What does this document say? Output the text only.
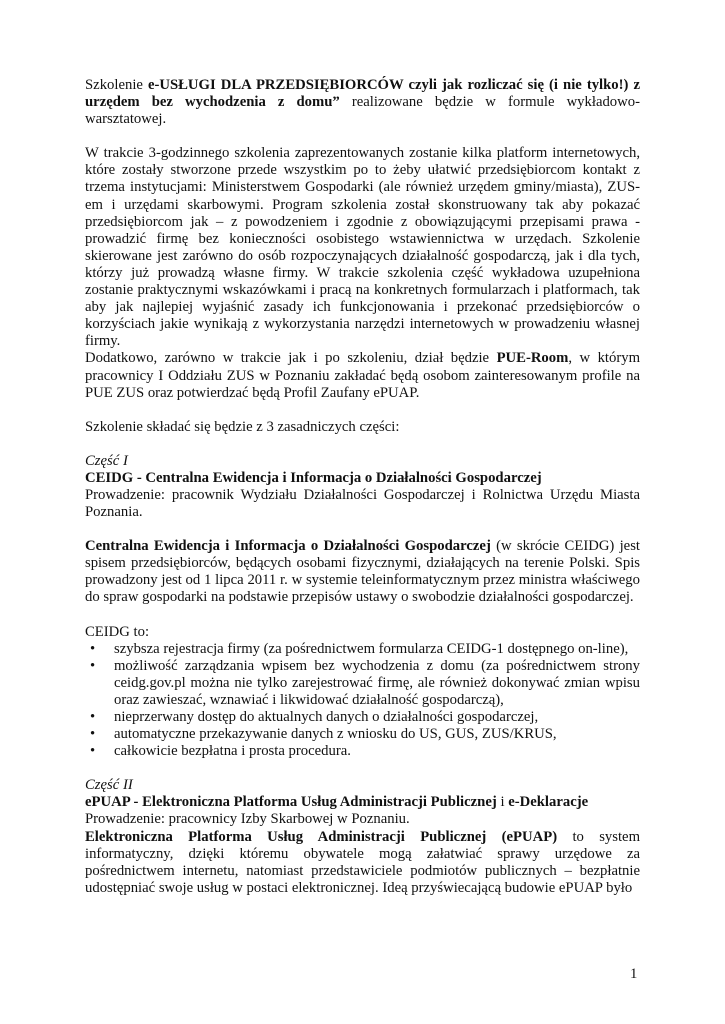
Szkolenie e-USŁUGI DLA PRZEDSIĘBIORCÓW czyli jak rozliczać się (i nie tylko!) z urzędem bez wychodzenia z domu” realizowane będzie w formule wykładowo-warsztatowej.

W trakcie 3-godzinnego szkolenia zaprezentowanych zostanie kilka platform internetowych, które zostały stworzone przede wszystkim po to żeby ułatwić przedsiębiorcom kontakt z trzema instytucjami: Ministerstwem Gospodarki (ale również urzędem gminy/miasta), ZUS-em i urzędami skarbowymi. Program szkolenia został skonstruowany tak aby pokazać przedsiębiorcom jak – z powodzeniem i zgodnie z obowiązującymi przepisami prawa - prowadzić firmę bez konieczności osobistego wstawiennictwa w urzędach. Szkolenie skierowane jest zarówno do osób rozpoczynających działalność gospodarczą, jak i dla tych, którzy już prowadzą własne firmy. W trakcie szkolenia część wykładowa uzupełniona zostanie praktycznymi wskazówkami i pracą na konkretnych formularzach i platformach, tak aby jak najlepiej wyjaśnić zasady ich funkcjonowania i przekonać przedsiębiorców o korzyściach jakie wynikają z wykorzystania narzędzi internetowych w prowadzeniu własnej firmy.

Dodatkowo, zarówno w trakcie jak i po szkoleniu, dział będzie PUE-Room, w którym pracownicy I Oddziału ZUS w Poznaniu zakładać będą osobom zainteresowanym profile na PUE ZUS oraz potwierdzać będą Profil Zaufany ePUAP.

Szkolenie składać się będzie z 3 zasadniczych części:

Część I

CEIDG - Centralna Ewidencja i Informacja o Działalności Gospodarczej

Prowadzenie: pracownik Wydziału Działalności Gospodarczej i Rolnictwa Urzędu Miasta Poznania.

Centralna Ewidencja i Informacja o Działalności Gospodarczej (w skrócie CEIDG) jest spisem przedsiębiorców, będących osobami fizycznymi, działających na terenie Polski. Spis prowadzony jest od 1 lipca 2011 r. w systemie teleinformatycznym przez ministra właściwego do spraw gospodarki na podstawie przepisów ustawy o swobodzie działalności gospodarczej.

CEIDG to:

• szybsza rejestracja firmy (za pośrednictwem formularza CEIDG-1 dostępnego on-line),
• możliwość zarządzania wpisem bez wychodzenia z domu (za pośrednictwem strony ceidg.gov.pl można nie tylko zarejestrować firmę, ale również dokonywać zmian wpisu oraz zawieszać, wznawiać i likwidować działalność gospodarczą),
• nieprzerwany dostęp do aktualnych danych o działalności gospodarczej,
• automatyczne przekazywanie danych z wniosku do US, GUS, ZUS/KRUS,
• całkowicie bezpłatna i prosta procedura.

Część II

ePUAP - Elektroniczna Platforma Usług Administracji Publicznej i e-Deklaracje

Prowadzenie: pracownicy Izby Skarbowej w Poznaniu.

Elektroniczna Platforma Usług Administracji Publicznej (ePUAP) to system informatyczny, dzięki któremu obywatele mogą załatwiać sprawy urzędowe za pośrednictwem internetu, natomiast przedstawiciele podmiotów publicznych – bezpłatnie udostępniać swoje usług w postaci elektronicznej. Ideą przyświecającą budowie ePUAP było

1
